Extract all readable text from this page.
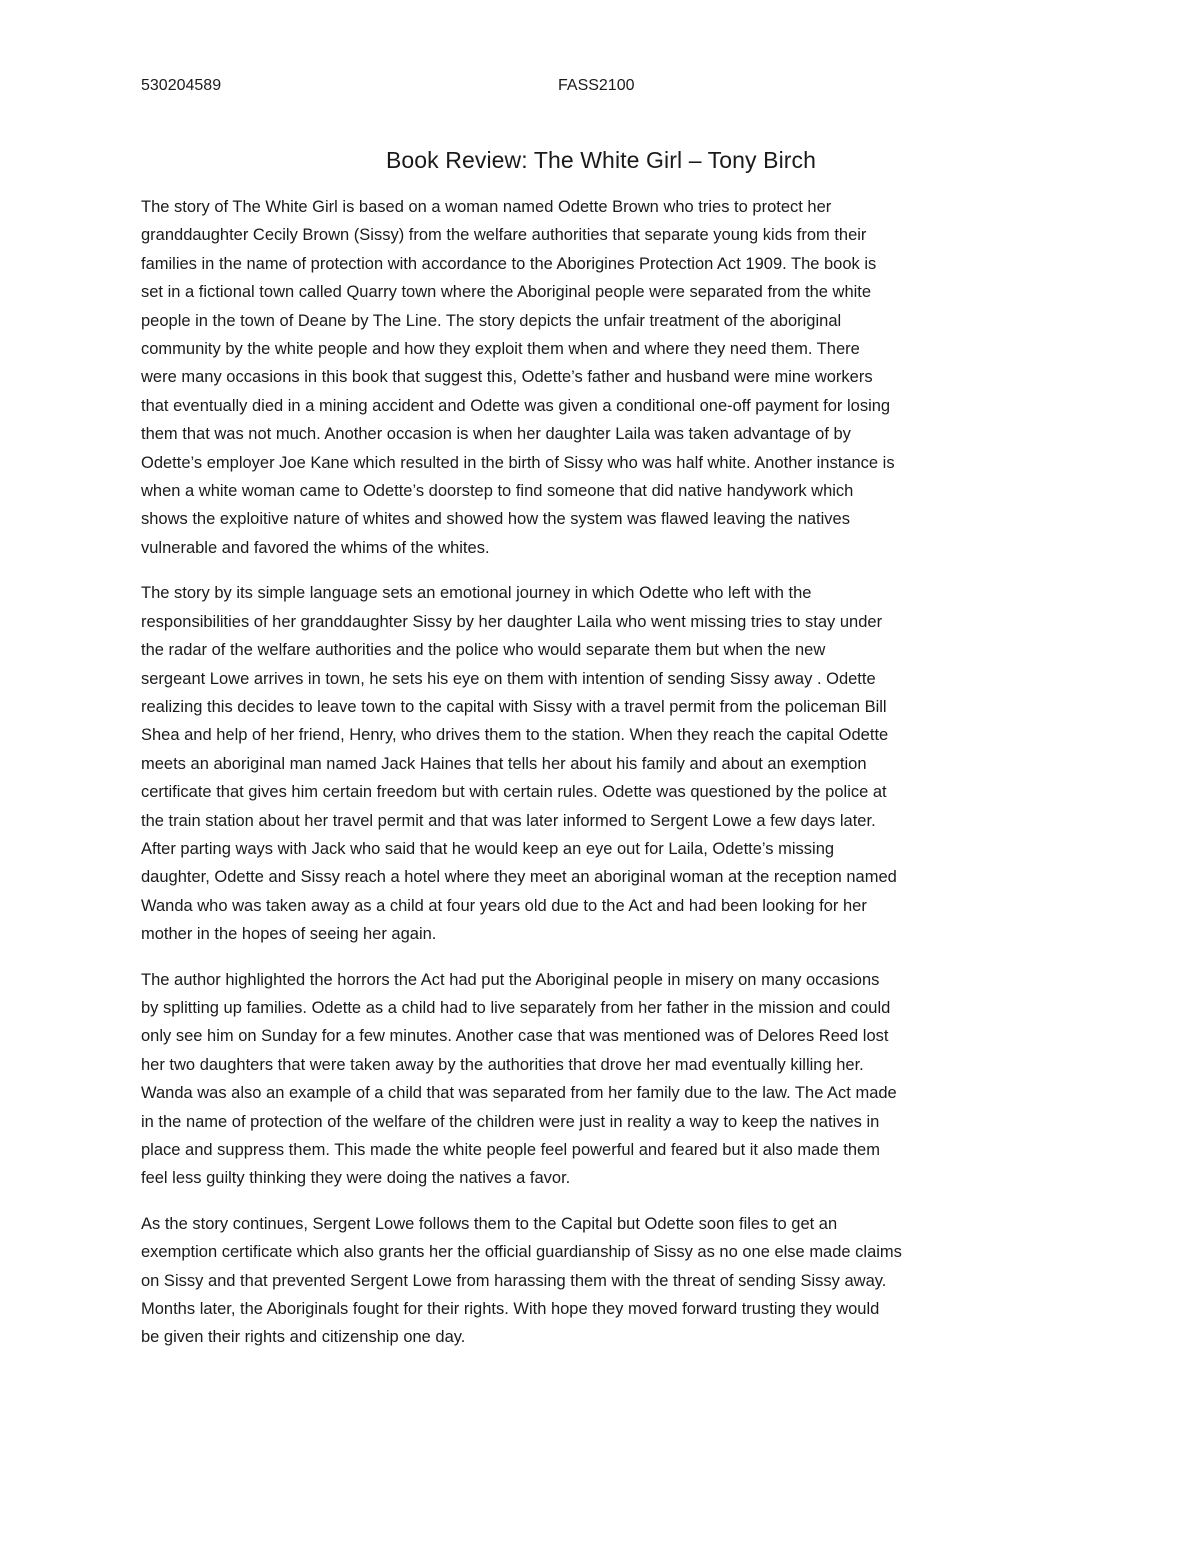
530204589	FASS2100
Book Review: The White Girl – Tony Birch

The story of The White Girl is based on a woman named Odette Brown who tries to protect her
granddaughter Cecily Brown (Sissy) from the welfare authorities that separate young kids from their
families in the name of protection with accordance to the Aborigines Protection Act 1909. The book is
set in a fictional town called Quarry town where the Aboriginal people were separated from the white
people in the town of Deane by The Line. The story depicts the unfair treatment of the aboriginal
community by the white people and how they exploit them when and where they need them. There
were many occasions in this book that suggest this, Odette’s father and husband were mine workers
that eventually died in a mining accident and Odette was given a conditional one-off payment for losing
them that was not much. Another occasion is when her daughter Laila was taken advantage of by
Odette’s employer Joe Kane which resulted in the birth of Sissy who was half white. Another instance is
when a white woman came to Odette’s doorstep to find someone that did native handywork which
shows the exploitive nature of whites and showed how the system was flawed leaving the natives
vulnerable and favored the whims of the whites.

The story by its simple language sets an emotional journey in which Odette who left with the
responsibilities of her granddaughter Sissy by her daughter Laila who went missing tries to stay under
the radar of the welfare authorities and the police who would separate them but when the new
sergeant Lowe arrives in town, he sets his eye on them with intention of sending Sissy away . Odette
realizing this decides to leave town to the capital with Sissy with a travel permit from the policeman Bill
Shea and help of her friend, Henry, who drives them to the station. When they reach the capital Odette
meets an aboriginal man named Jack Haines that tells her about his family and about an exemption
certificate that gives him certain freedom but with certain rules. Odette was questioned by the police at
the train station about her travel permit and that was later informed to Sergent Lowe a few days later.
After parting ways with Jack who said that he would keep an eye out for Laila, Odette’s missing
daughter, Odette and Sissy reach a hotel where they meet an aboriginal woman at the reception named
Wanda who was taken away as a child at four years old due to the Act and had been looking for her
mother in the hopes of seeing her again.

The author highlighted the horrors the Act had put the Aboriginal people in misery on many occasions
by splitting up families. Odette as a child had to live separately from her father in the mission and could
only see him on Sunday for a few minutes. Another case that was mentioned was of Delores Reed lost
her two daughters that were taken away by the authorities that drove her mad eventually killing her.
Wanda was also an example of a child that was separated from her family due to the law. The Act made
in the name of protection of the welfare of the children were just in reality a way to keep the natives in
place and suppress them. This made the white people feel powerful and feared but it also made them
feel less guilty thinking they were doing the natives a favor.

As the story continues, Sergent Lowe follows them to the Capital but Odette soon files to get an
exemption certificate which also grants her the official guardianship of Sissy as no one else made claims
on Sissy and that prevented Sergent Lowe from harassing them with the threat of sending Sissy away.
Months later, the Aboriginals fought for their rights. With hope they moved forward trusting they would
be given their rights and citizenship one day.
